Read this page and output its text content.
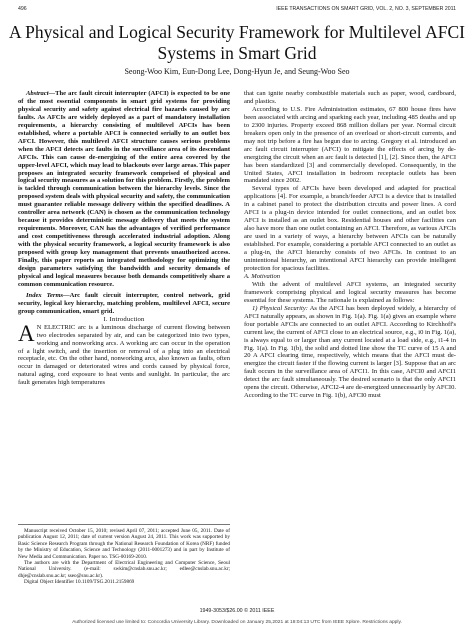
496	IEEE TRANSACTIONS ON SMART GRID, VOL. 2, NO. 3, SEPTEMBER 2011
A Physical and Logical Security Framework for Multilevel AFCI Systems in Smart Grid
Seong-Woo Kim, Eun-Dong Lee, Dong-Hyun Je, and Seung-Woo Seo

Abstract—The arc fault circuit interrupter (AFCI) is expected to be one of the most essential components in smart grid systems for providing physical security and safety against electrical fire hazards caused by arc faults. As AFCIs are widely deployed as a part of mandatory installation requirements, a hierarchy consisting of multilevel AFCIs has been established, where a portable AFCI is connected serially to an outlet box AFCI. However, this multilevel AFCI structure causes serious problems when the AFCI detects arc faults in the surveillance area of its descendant AFCIs. This can cause de-energizing of the entire area covered by the upper-level AFCI, which may lead to blackouts over large areas. This paper proposes an integrated security framework comprised of physical and logical security measures as a solution for this problem. Firstly, the problem is tackled through communication between the hierarchy levels. Since the proposed system deals with physical security and safety, the communication must guarantee reliable message delivery within the specified deadlines. A controller area network (CAN) is chosen as the communication technology because it provides deterministic message delivery that meets the system requirements. Moreover, CAN has the advantages of verified performance and cost competitiveness through accelerated industrial adoption. Along with the physical security framework, a logical security framework is also proposed with group key management that prevents unauthorized access. Finally, this paper reports an integrated methodology for optimizing the design parameters satisfying the bandwidth and security demands of physical and logical measures because both demands competitively share a common communication resource.

Index Terms—Arc fault circuit interrupter, control network, grid security, logical key hierarchy, matching problem, multilevel AFCI, secure group communication, smart grid.

I. Introduction

A N ELECTRIC arc is a luminous discharge of current flowing between two electrodes separated by air, and can be categorized into two types, working and nonworking arcs. A working arc can occur in the operation of a light switch, and the insertion or removal of a plug into an electrical receptacle, etc. On the other hand, nonworking arcs, also known as faults, often occur in damaged or deteriorated wires and cords caused by physical force, natural aging, cord exposure to heat vents and sunlight. In particular, the arc fault generates high temperatures

Manuscript received October 15, 2010; revised April 07, 2011; accepted June 05, 2011. Date of publication August 12, 2011; date of current version August 24, 2011. This work was supported by Basic Science Research Program through the National Research Foundation of Korea (NRF) funded by the Ministry of Education, Science and Technology (2011-0001273) and in part by Institute of New Media and Communication. Paper no. TSG-00169-2010.

The authors are with the Department of Electrical Engineering and Computer Science, Seoul National University. (e-mail: swkim@cnslab.snu.ac.kr; edlee@cnslab.snu.ac.kr; dhje@cnslab.snu.ac.kr; sseo@snu.ac.kr).

Digital Object Identifier 10.1109/TSG.2011.2159869

that can ignite nearby combustible materials such as paper, wood, cardboard, and plastics.

According to U.S. Fire Administration estimates, 67 800 house fires have been associated with arcing and sparking each year, including 485 deaths and up to 2300 injuries. Property exceed 868 million dollars per year. Normal circuit breakers open only in the presence of an overload or short-circuit currents, and may not trip before a fire has begun due to arcing. Gregory et al. introduced an arc fault circuit interrupter (AFCI) to mitigate the effects of arcing by de-energizing the circuit when an arc fault is detected [1], [2]. Since then, the AFCI has been standardized [3] and commercially developed. Consequently, in the United States, AFCI installation in bedroom receptacle outlets has been mandated since 2002.

Several types of AFCIs have been developed and adapted for practical applications [4]. For example, a branch/feeder AFCI is a device that is installed in a cabinet panel to protect the distribution circuits and power lines. A cord AFCI is a plug-in device intended for outlet connections, and an outlet box AFCI is installed as an outlet box. Residential houses and other facilities can also have more than one outlet containing an AFCI. Therefore, as various AFCIs are used in a variety of ways, a hierarchy between AFCIs can be naturally established. For example, considering a portable AFCI connected to an outlet as a plug-in, the AFCI hierarchy consists of two AFCIs. In contrast to an unintentional hierarchy, an intentional AFCI hierarchy can provide intelligent protection for spacious facilities.

A. Motivation

With the advent of multilevel AFCI systems, an integrated security framework comprising physical and logical security measures has become essential for these systems. The rationale is explained as follows:

1) Physical Security: As the AFCI has been deployed widely, a hierarchy of AFCI naturally appears, as shown in Fig. 1(a). Fig. 1(a) gives an example where four portable AFCIs are connected to an outlet AFCI. According to Kirchhoff's current law, the current of AFCI close to an electrical source, e.g., i0 in Fig. 1(a), is always equal to or larger than any current located at a load side, e.g., i1-4 in Fig. 1(a). In Fig. 1(b), the solid and dotted line show the TC curve of 15 A and 20 A AFCI clearing time, respectively, which means that the AFCI must de-energize the circuit faster if the flowing current is larger [3]. Suppose that an arc fault occurs in the surveillance area of AFCI1. In this case, AFCI0 and AFCI1 detect the arc fault simultaneously. The desired scenario is that the only AFCI1 opens the circuit. Otherwise, AFCI2-4 are de-energized unnecessarily by AFCI0. According to the TC curve in Fig. 1(b), AFCI0 must

1949-3053/$26.00 © 2011 IEEE
Authorized licensed use limited to: Concordia University Library. Downloaded on January 25,2021 at 18:04:13 UTC from IEEE Xplore. Restrictions apply.
